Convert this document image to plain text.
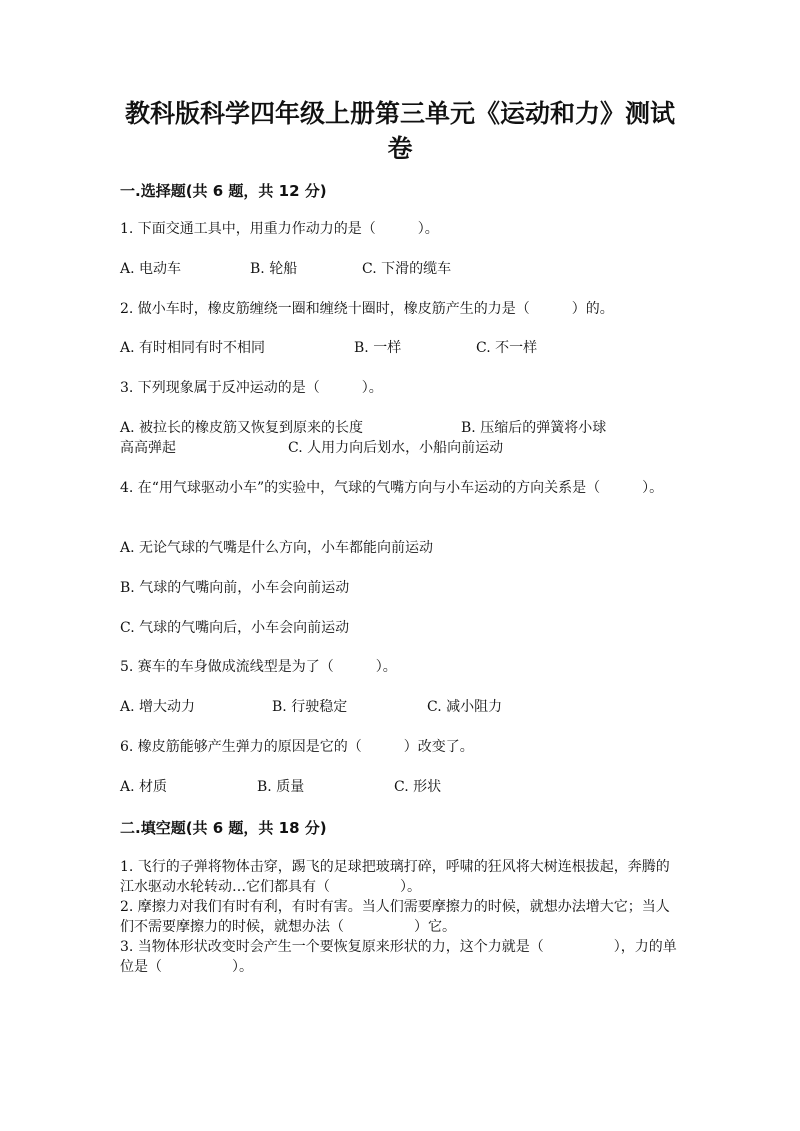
教科版科学四年级上册第三单元《运动和力》测试卷
一.选择题(共 6 题，共 12 分)
1. 下面交通工具中，用重力作动力的是（　　　）。
A. 电动车	B. 轮船	C. 下滑的缆车
2. 做小车时，橡皮筋缠绕一圈和缠绕十圈时，橡皮筋产生的力是（　　　）的。
A. 有时相同有时不相同	B. 一样	C. 不一样
3. 下列现象属于反冲运动的是（　　　）。
A. 被拉长的橡皮筋又恢复到原来的长度　　　　　　　B. 压缩后的弹簧将小球
高高弹起　　　　　　　　C. 人用力向后划水，小船向前运动
4. 在“用气球驱动小车”的实验中，气球的气嘴方向与小车运动的方向关系是（　　　）。
A. 无论气球的气嘴是什么方向，小车都能向前运动
B. 气球的气嘴向前，小车会向前运动
C. 气球的气嘴向后，小车会向前运动
5. 赛车的车身做成流线型是为了（　　　）。
A. 增大动力	B. 行驶稳定	C. 减小阻力
6. 橡皮筋能够产生弹力的原因是它的（　　　）改变了。
A. 材质	B. 质量	C. 形状
二.填空题(共 6 题，共 18 分)
1. 飞行的子弹将物体击穿，踢飞的足球把玻璃打碎，呼啸的狂风将大树连根拔起，奔腾的江水驱动水轮转动…它们都具有（　　　　　）。
2. 摩擦力对我们有时有利，有时有害。当人们需要摩擦力的时候，就想办法增大它；当人们不需要摩擦力的时候，就想办法（　　　　　）它。
3. 当物体形状改变时会产生一个要恢复原来形状的力，这个力就是（　　　　　），力的单位是（　　　　　）。
